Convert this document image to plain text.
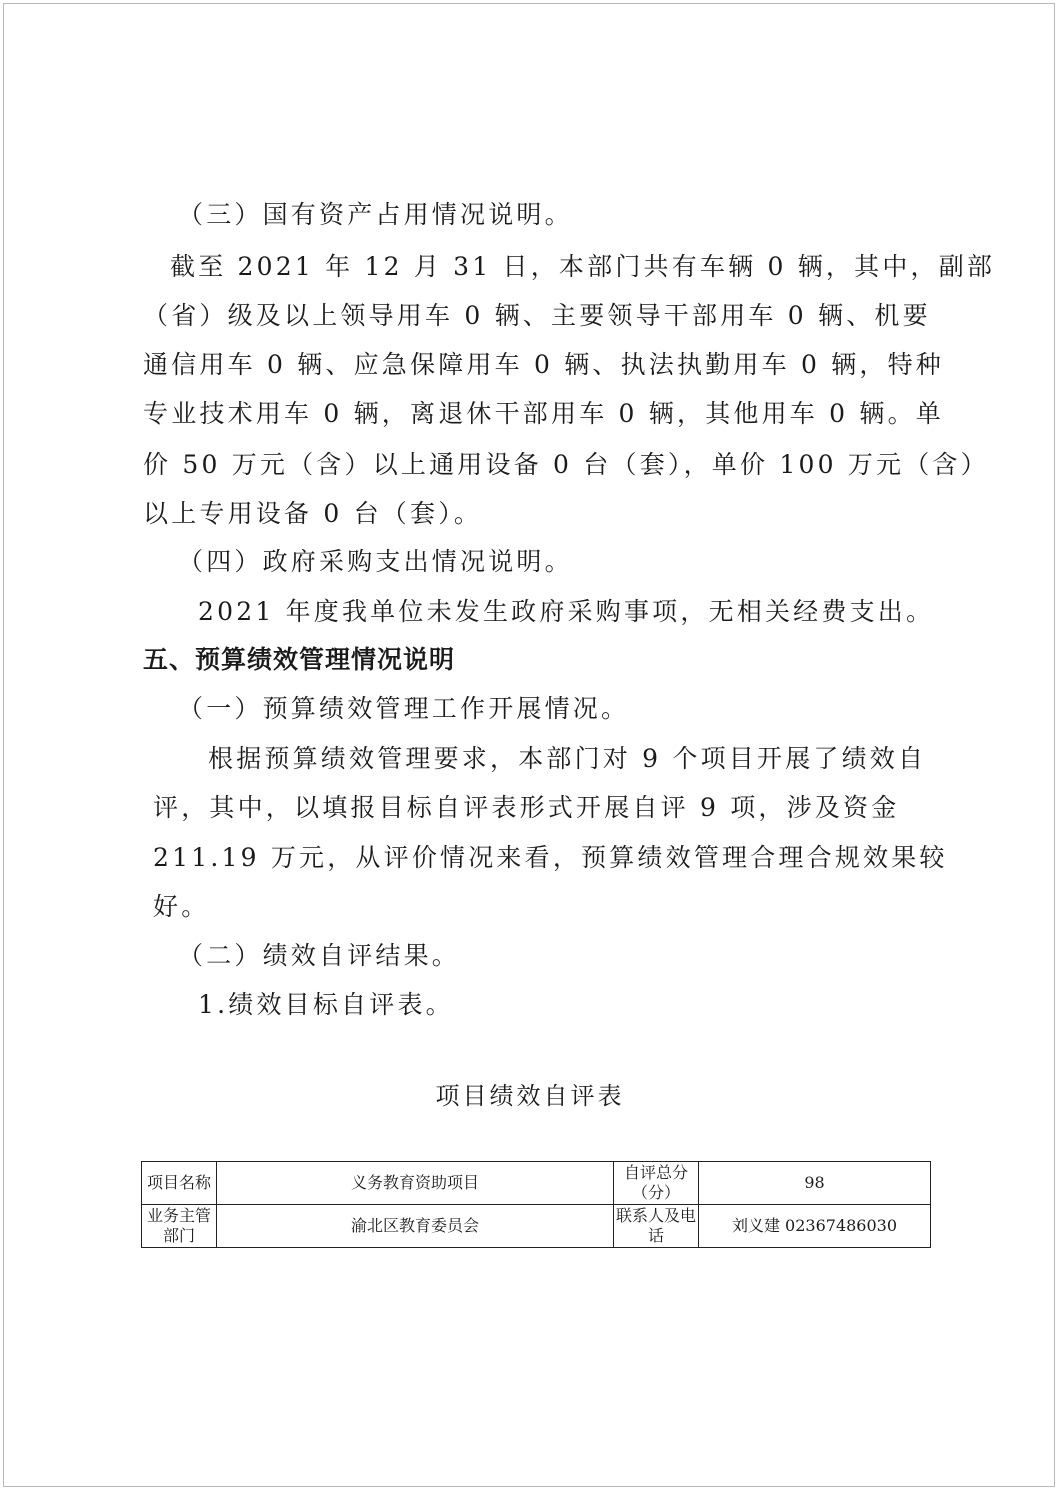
（三）国有资产占用情况说明。
截至 2021 年 12 月 31 日，本部门共有车辆 0 辆，其中，副部
（省）级及以上领导用车 0 辆、主要领导干部用车 0 辆、机要
通信用车 0 辆、应急保障用车 0 辆、执法执勤用车 0 辆，特种
专业技术用车 0 辆，离退休干部用车 0 辆，其他用车 0 辆。单
价 50 万元（含）以上通用设备 0 台（套），单价 100 万元（含）
以上专用设备 0 台（套）。
（四）政府采购支出情况说明。
2021 年度我单位未发生政府采购事项，无相关经费支出。
五、预算绩效管理情况说明
（一）预算绩效管理工作开展情况。
根据预算绩效管理要求，本部门对 9 个项目开展了绩效自
评，其中，以填报目标自评表形式开展自评 9 项，涉及资金
211.19 万元，从评价情况来看，预算绩效管理合理合规效果较
好。
（二）绩效自评结果。
1.绩效目标自评表。
项目绩效自评表
项目名称	义务教育资助项目	自评总分（分）	98
业务主管部门	渝北区教育委员会	联系人及电话	刘义建 02367486030
